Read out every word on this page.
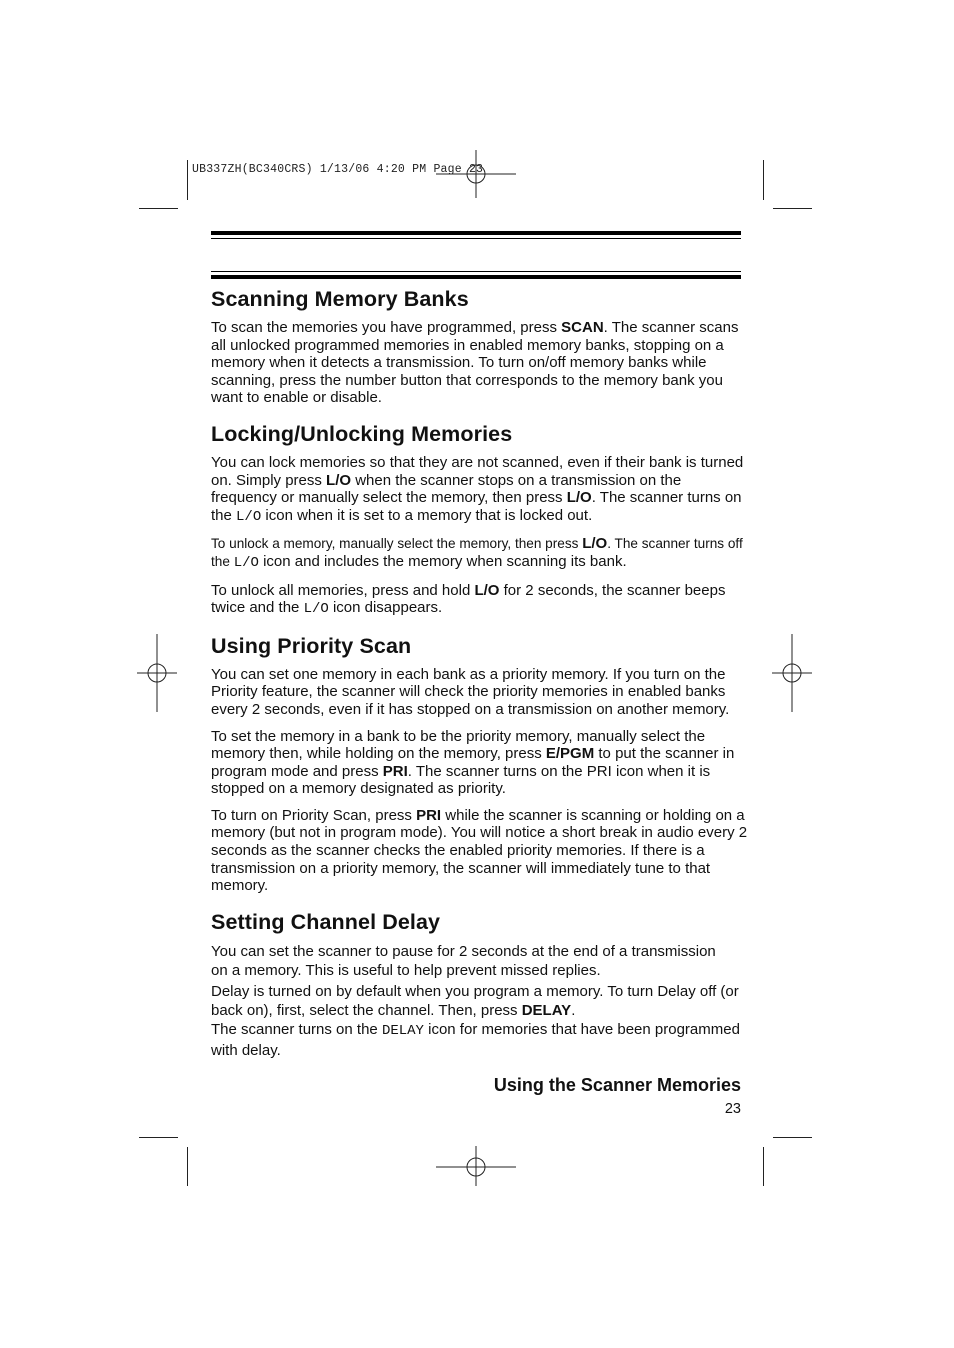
UB337ZH(BC340CRS) 1/13/06 4:20 PM Page 23
Scanning Memory Banks

To scan the memories you have programmed, press SCAN. The scanner scans all unlocked programmed memories in enabled memory banks, stopping on a memory when it detects a transmission. To turn on/off memory banks while scanning, press the number button that corresponds to the memory bank you want to enable or disable.

Locking/Unlocking Memories

You can lock memories so that they are not scanned, even if their bank is turned on. Simply press L/O when the scanner stops on a transmission on the frequency or manually select the memory, then press L/O. The scanner turns on the L/O icon when it is set to a memory that is locked out.

To unlock a memory, manually select the memory, then press L/O. The scanner turns off the L/O icon and includes the memory when scanning its bank.

To unlock all memories, press and hold L/O for 2 seconds, the scanner beeps twice and the L/O icon disappears.

Using Priority Scan

You can set one memory in each bank as a priority memory. If you turn on the Priority feature, the scanner will check the priority memories in enabled banks every 2 seconds, even if it has stopped on a transmission on another memory.

To set the memory in a bank to be the priority memory, manually select the memory then, while holding on the memory, press E/PGM to put the scanner in program mode and press PRI. The scanner turns on the PRI icon when it is stopped on a memory designated as priority.

To turn on Priority Scan, press PRI while the scanner is scanning or holding on a memory (but not in program mode). You will notice a short break in audio every 2 seconds as the scanner checks the enabled priority memories. If there is a transmission on a priority memory, the scanner will immediately tune to that memory.

Setting Channel Delay

You can set the scanner to pause for 2 seconds at the end of a transmission on a memory. This is useful to help prevent missed replies.

Delay is turned on by default when you program a memory. To turn Delay off (or back on), first, select the channel. Then, press DELAY.
The scanner turns on the DELAY icon for memories that have been programmed with delay.

Using the Scanner Memories
23
